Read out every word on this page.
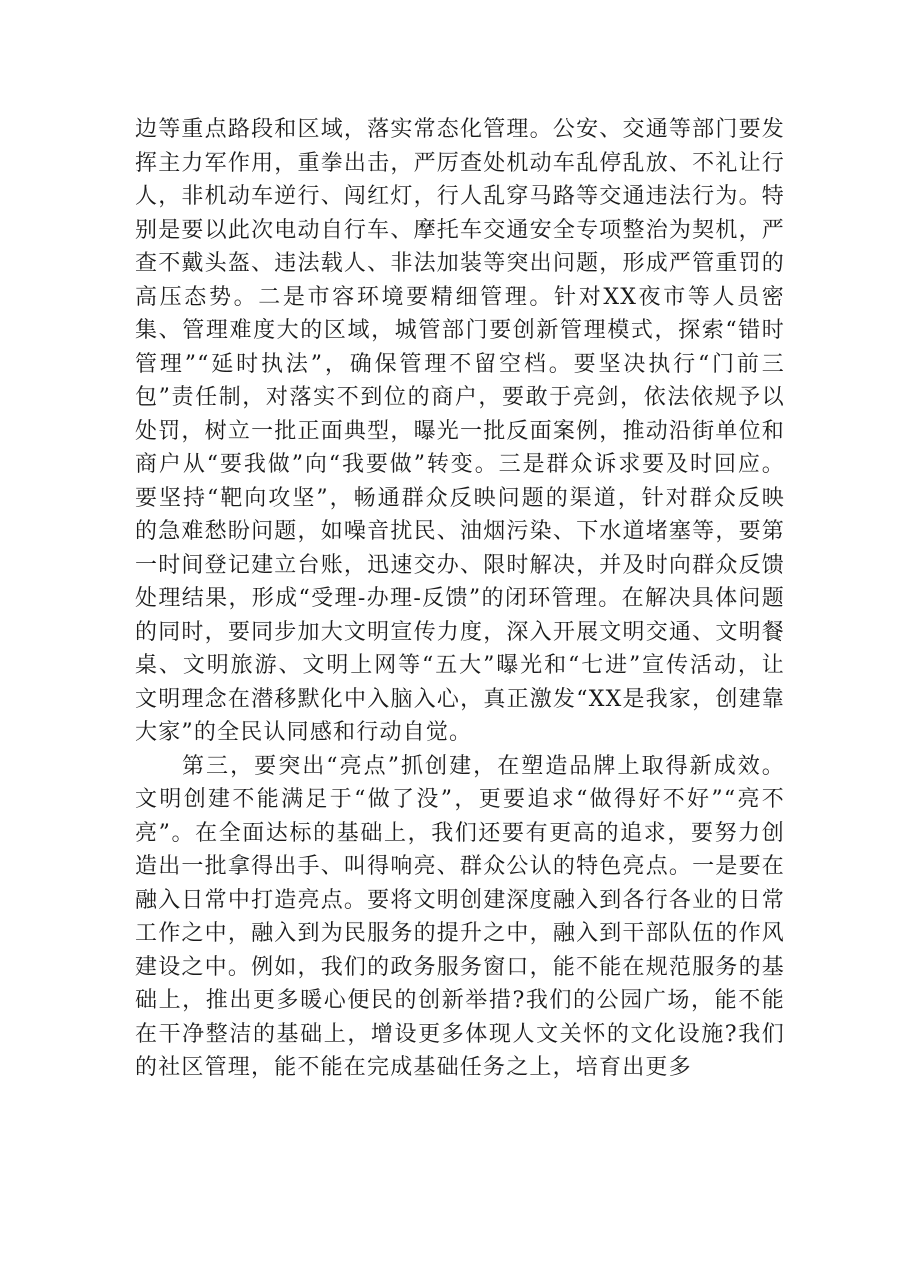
边等重点路段和区域，落实常态化管理。公安、交通等部门要发挥主力军作用，重拳出击，严厉查处机动车乱停乱放、不礼让行人，非机动车逆行、闯红灯，行人乱穿马路等交通违法行为。特别是要以此次电动自行车、摩托车交通安全专项整治为契机，严查不戴头盔、违法载人、非法加装等突出问题，形成严管重罚的高压态势。二是市容环境要精细管理。针对XX夜市等人员密集、管理难度大的区域，城管部门要创新管理模式，探索“错时管理”“延时执法”，确保管理不留空档。要坚决执行“门前三包”责任制，对落实不到位的商户，要敢于亮剑，依法依规予以处罚，树立一批正面典型，曝光一批反面案例，推动沿街单位和商户从“要我做”向“我要做”转变。三是群众诉求要及时回应。要坚持“靶向攻坚”，畅通群众反映问题的渠道，针对群众反映的急难愁盼问题，如噪音扰民、油烟污染、下水道堵塞等，要第一时间登记建立台账，迅速交办、限时解决，并及时向群众反馈处理结果，形成“受理-办理-反馈”的闭环管理。在解决具体问题的同时，要同步加大文明宣传力度，深入开展文明交通、文明餐桌、文明旅游、文明上网等“五大”曝光和“七进”宣传活动，让文明理念在潜移默化中入脑入心，真正激发“XX是我家，创建靠大家”的全民认同感和行动自觉。

第三，要突出“亮点”抓创建，在塑造品牌上取得新成效。文明创建不能满足于“做了没”，更要追求“做得好不好”“亮不亮”。在全面达标的基础上，我们还要有更高的追求，要努力创造出一批拿得出手、叫得响亮、群众公认的特色亮点。一是要在融入日常中打造亮点。要将文明创建深度融入到各行各业的日常工作之中，融入到为民服务的提升之中，融入到干部队伍的作风建设之中。例如，我们的政务服务窗口，能不能在规范服务的基础上，推出更多暖心便民的创新举措?我们的公园广场，能不能在干净整洁的基础上，增设更多体现人文关怀的文化设施?我们的社区管理，能不能在完成基础任务之上，培育出更多
